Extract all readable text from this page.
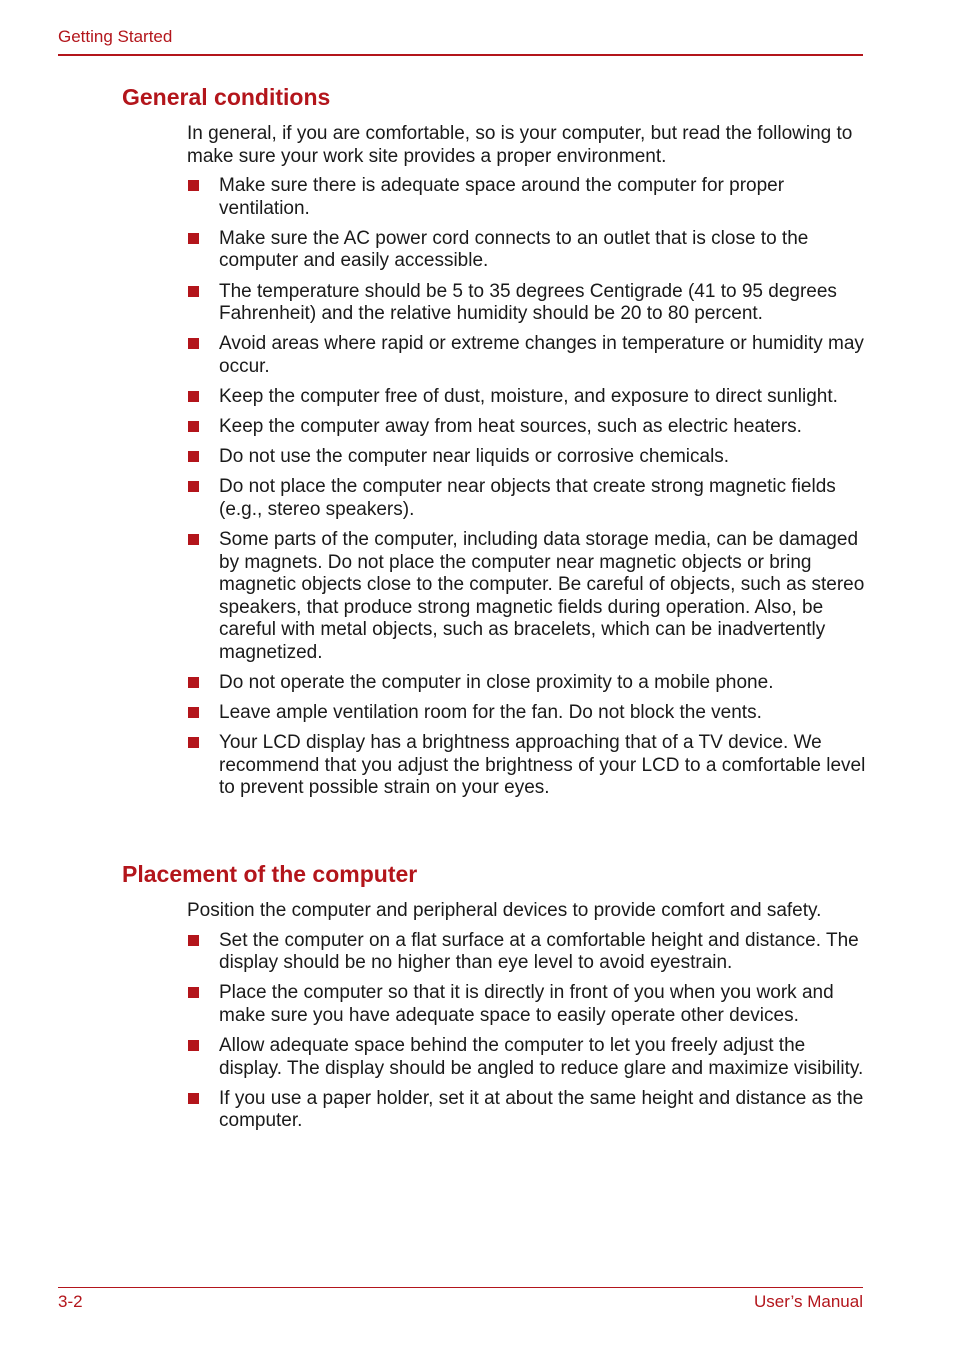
Getting Started
General conditions

In general, if you are comfortable, so is your computer, but read the following to make sure your work site provides a proper environment.

Make sure there is adequate space around the computer for proper ventilation.
Make sure the AC power cord connects to an outlet that is close to the computer and easily accessible.
The temperature should be 5 to 35 degrees Centigrade (41 to 95 degrees Fahrenheit) and the relative humidity should be 20 to 80 percent.
Avoid areas where rapid or extreme changes in temperature or humidity may occur.
Keep the computer free of dust, moisture, and exposure to direct sunlight.
Keep the computer away from heat sources, such as electric heaters.
Do not use the computer near liquids or corrosive chemicals.
Do not place the computer near objects that create strong magnetic fields (e.g., stereo speakers).
Some parts of the computer, including data storage media, can be damaged by magnets. Do not place the computer near magnetic objects or bring magnetic objects close to the computer. Be careful of objects, such as stereo speakers, that produce strong magnetic fields during operation. Also, be careful with metal objects, such as bracelets, which can be inadvertently magnetized.
Do not operate the computer in close proximity to a mobile phone.
Leave ample ventilation room for the fan. Do not block the vents.
Your LCD display has a brightness approaching that of a TV device. We recommend that you adjust the brightness of your LCD to a comfortable level to prevent possible strain on your eyes.
Placement of the computer

Position the computer and peripheral devices to provide comfort and safety.

Set the computer on a flat surface at a comfortable height and distance. The display should be no higher than eye level to avoid eyestrain.
Place the computer so that it is directly in front of you when you work and make sure you have adequate space to easily operate other devices.
Allow adequate space behind the computer to let you freely adjust the display. The display should be angled to reduce glare and maximize visibility.
If you use a paper holder, set it at about the same height and distance as the computer.
3-2	User’s Manual
